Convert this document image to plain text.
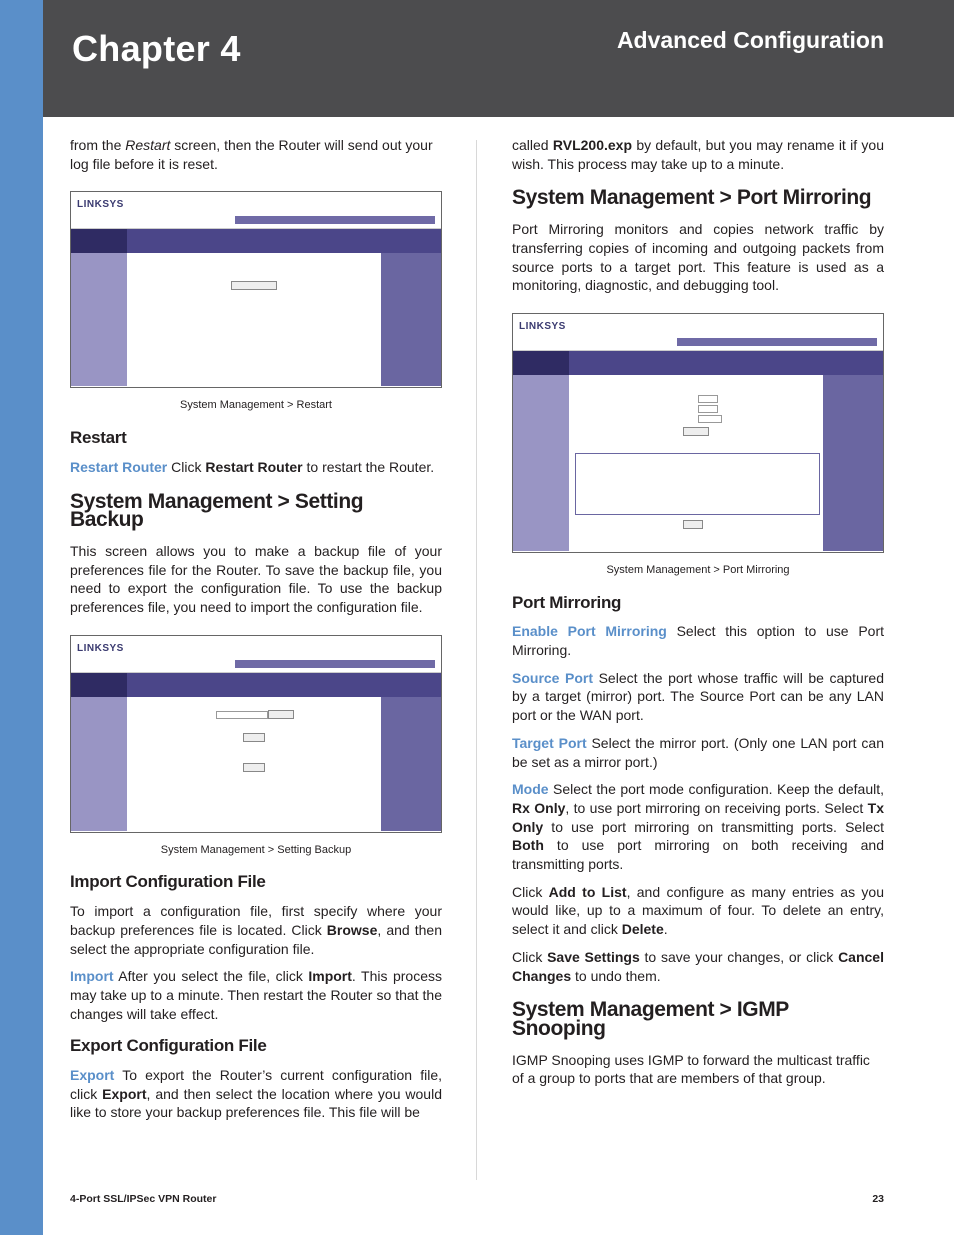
Chapter 4	Advanced Configuration

from the Restart screen, then the Router will send out your log file before it is reset.

LINKSYS
System Management > Restart
Restart

Restart Router Click Restart Router to restart the Router.

System Management > Setting Backup

This screen allows you to make a backup file of your preferences file for the Router. To save the backup file, you need to export the configuration file. To use the backup preferences file, you need to import the configuration file.

LINKSYS
System Management > Setting Backup
Import Configuration File

To import a configuration file, first specify where your backup preferences file is located. Click Browse, and then select the appropriate configuration file.

Import After you select the file, click Import. This process may take up to a minute. Then restart the Router so that the changes will take effect.

Export Configuration File

Export To export the Router’s current configuration file, click Export, and then select the location where you would like to store your backup preferences file. This file will be

called RVL200.exp by default, but you may rename it if you wish. This process may take up to a minute.

System Management > Port Mirroring

Port Mirroring monitors and copies network traffic by transferring copies of incoming and outgoing packets from source ports to a target port. This feature is used as a monitoring, diagnostic, and debugging tool.

LINKSYS
System Management > Port Mirroring
Port Mirroring

Enable Port Mirroring Select this option to use Port Mirroring.

Source Port Select the port whose traffic will be captured by a target (mirror) port. The Source Port can be any LAN port or the WAN port.

Target Port Select the mirror port. (Only one LAN port can be set as a mirror port.)

Mode Select the port mode configuration. Keep the default, Rx Only, to use port mirroring on receiving ports. Select Tx Only to use port mirroring on transmitting ports. Select Both to use port mirroring on both receiving and transmitting ports.

Click Add to List, and configure as many entries as you would like, up to a maximum of four. To delete an entry, select it and click Delete.

Click Save Settings to save your changes, or click Cancel Changes to undo them.

System Management > IGMP Snooping

IGMP Snooping uses IGMP to forward the multicast traffic of a group to ports that are members of that group.

4-Port SSL/IPSec VPN Router	23
